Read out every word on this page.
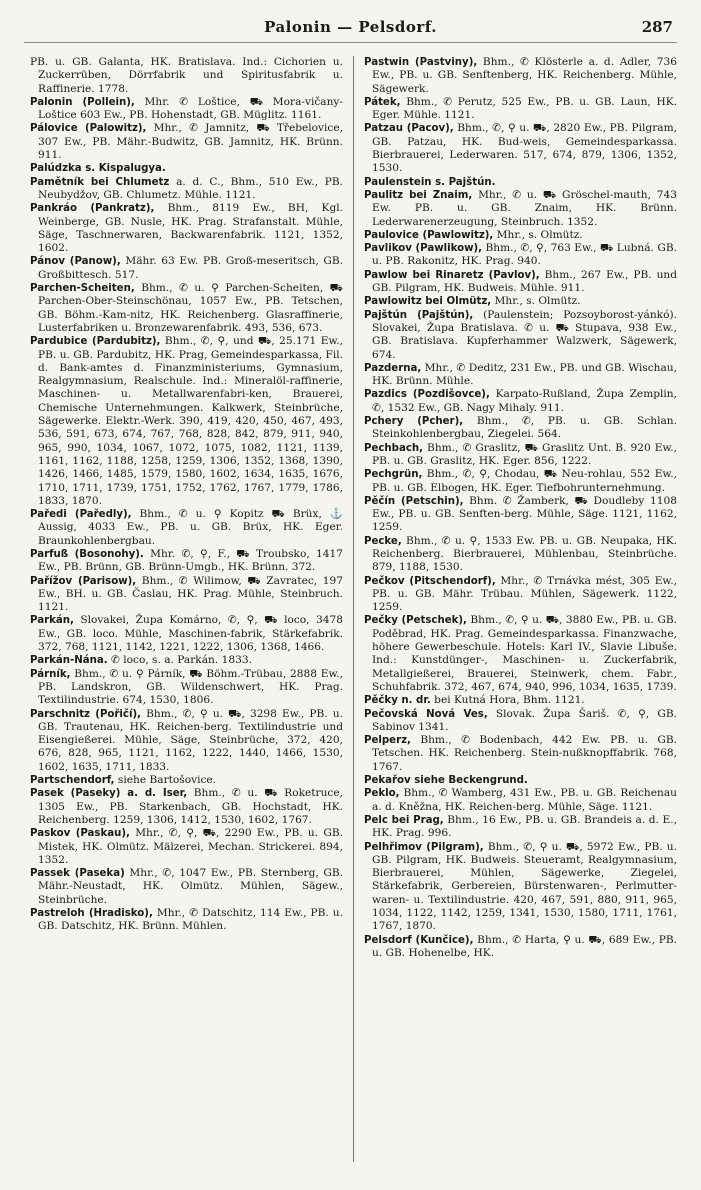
Palonin — Pelsdorf.	287

PB. u. GB. Galanta, HK. Bratislava. Ind.: Cichorien u. Zuckerrüben, Dörrfabrik und Spiritusfabrik u. Raffinerie. 1778.

Palonin (Pollein), Mhr. ✆ Loštice, ⛟ Mora-vičany-Loštice 603 Ew., PB. Hohenstadt, GB. Müglitz. 1161.

Pálovice (Palowitz), Mhr., ✆ Jamnitz, ⛟ Třebelovice, 307 Ew., PB. Mähr.-Budwitz, GB. Jamnitz, HK. Brünn. 911.

Palúdzka s. Kispalugya.

Pamětník bei Chlumetz a. d. C., Bhm., 510 Ew., PB. Neubydžov, GB. Chlumetz. Mühle. 1121.

Pankráo (Pankratz), Bhm., 8119 Ew., BH, Kgl. Weinberge, GB. Nusle, HK. Prag. Strafanstalt. Mühle, Säge, Taschnerwaren, Backwarenfabrik. 1121, 1352, 1602.

Pánov (Panow), Mähr. 63 Ew. PB. Groß-meseritsch, GB. Großbittesch. 517.

Parchen-Scheiten, Bhm., ✆ u. ⚲ Parchen-Scheiten, ⛟ Parchen-Ober-Steinschönau, 1057 Ew., PB. Tetschen, GB. Böhm.-Kam-nitz, HK. Reichenberg. Glasraffinerie, Lusterfabriken u. Bronzewarenfabrik. 493, 536, 673.

Pardubice (Pardubitz), Bhm., ✆, ⚲, und ⛟, 25.171 Ew., PB. u. GB. Pardubitz, HK. Prag, Gemeindesparkassa, Fil. d. Bank-amtes d. Finanzministeriums, Gymnasium, Realgymnasium, Realschule. Ind.: Mineralöl-raffinerie, Maschinen- u. Metallwarenfabri-ken, Brauerei, Chemische Unternehmungen. Kalkwerk, Steinbrüche, Sägewerke. Elektr.-Werk. 390, 419, 420, 450, 467, 493, 536, 591, 673, 674, 767, 768, 828, 842, 879, 911, 940, 965, 990, 1034, 1067, 1072, 1075, 1082, 1121, 1139, 1161, 1162, 1188, 1258, 1259, 1306, 1352, 1368, 1390, 1426, 1466, 1485, 1579, 1580, 1602, 1634, 1635, 1676, 1710, 1711, 1739, 1751, 1752, 1762, 1767, 1779, 1786, 1833, 1870.

Paředi (Paředly), Bhm., ✆ u. ⚲ Kopitz ⛟ Brüx, ⚓ Aussig, 4033 Ew., PB. u. GB. Brüx, HK. Eger. Braunkohlenbergbau.

Parfuß (Bosonohy). Mhr. ✆, ⚲, F., ⛟ Troubsko, 1417 Ew., PB. Brünn, GB. Brünn-Umgb., HK. Brünn. 372.

Pařížov (Parisow), Bhm., ✆ Wilimow, ⛟ Zavratec, 197 Ew., BH. u. GB. Časlau, HK. Prag. Mühle, Steinbruch. 1121.

Parkán, Slovakei, Župa Komárno, ✆, ⚲, ⛟ loco, 3478 Ew., GB. loco. Mühle, Maschinen-fabrik, Stärkefabrik. 372, 768, 1121, 1142, 1221, 1222, 1306, 1368, 1466.

Parkán-Nána. ✆ loco, s. a. Parkán. 1833.

Párník, Bhm., ✆ u. ⚲ Párník, ⛟ Böhm.-Trübau, 2888 Ew., PB. Landskron, GB. Wildenschwert, HK. Prag. Textilindustrie. 674, 1530, 1806.

Parschnitz (Pořičí), Bhm., ✆, ⚲ u. ⛟, 3298 Ew., PB. u. GB. Trautenau, HK. Reichen-berg. Textilindustrie und Eisengießerei. Mühle, Säge, Steinbrüche, 372, 420, 676, 828, 965, 1121, 1162, 1222, 1440, 1466, 1530, 1602, 1635, 1711, 1833.

Partschendorf, siehe Bartošovice.

Pasek (Paseky) a. d. Iser, Bhm., ✆ u. ⛟ Roketruce, 1305 Ew., PB. Starkenbach, GB. Hochstadt, HK. Reichenberg. 1259, 1306, 1412, 1530, 1602, 1767.

Paskov (Paskau), Mhr., ✆, ⚲, ⛟, 2290 Ew., PB. u. GB. Mistek, HK. Olmütz. Mälzerei, Mechan. Strickerei. 894, 1352.

Passek (Paseka) Mhr., ✆, 1047 Ew., PB. Sternberg, GB. Mähr.-Neustadt, HK. Olmütz. Mühlen, Sägew., Steinbrüche.

Pastreloh (Hradisko), Mhr., ✆ Datschitz, 114 Ew., PB. u. GB. Datschitz, HK. Brünn. Mühlen.

Pastwin (Pastviny), Bhm., ✆ Klösterle a. d. Adler, 736 Ew., PB. u. GB. Senftenberg, HK. Reichenberg. Mühle, Sägewerk.

Pátek, Bhm., ✆ Perutz, 525 Ew., PB. u. GB. Laun, HK. Eger. Mühle. 1121.

Patzau (Pacov), Bhm., ✆, ⚲ u. ⛟, 2820 Ew., PB. Pilgram, GB. Patzau, HK. Bud-weis, Gemeindesparkassa. Bierbrauerei, Lederwaren. 517, 674, 879, 1306, 1352, 1530.

Paulenstein s. Pajštún.

Paulitz bei Znaim, Mhr., ✆ u. ⛟ Gröschel-mauth, 743 Ew. PB. u. GB. Znaim, HK. Brünn. Lederwarenerzeugung, Steinbruch. 1352.

Paulovice (Pawlowitz), Mhr., s. Olmütz.

Pavlikov (Pawlikow), Bhm., ✆, ⚲, 763 Ew., ⛟ Lubná. GB. u. PB. Rakonitz, HK. Prag. 940.

Pawlow bei Rinaretz (Pavlov), Bhm., 267 Ew., PB. und GB. Pilgram, HK. Budweis. Mühle. 911.

Pawlowitz bei Olmütz, Mhr., s. Olmütz.

Pajštún (Pajštún), (Paulenstein; Pozsoyborost-yánkó). Slovakei, Župa Bratislava. ✆ u. ⛟ Stupava, 938 Ew., GB. Bratislava. Kupferhammer Walzwerk, Sägewerk, 674.

Pazderna, Mhr., ✆ Deditz, 231 Ew., PB. und GB. Wischau, HK. Brünn. Mühle.

Pazdics (Pozdišovce), Karpato-Rußland, Župa Zemplin, ✆, 1532 Ew., GB. Nagy Mihaly. 911.

Pchery (Pcher), Bhm., ✆, PB. u. GB. Schlan. Steinkohlenbergbau, Ziegelei. 564.

Pechbach, Bhm., ✆ Graslitz, ⛟ Graslitz Unt. B. 920 Ew., PB. u. GB. Graslitz, HK. Eger. 856, 1222.

Pechgrün, Bhm., ✆, ⚲, Chodau, ⛟ Neu-rohlau, 552 Ew., PB. u. GB. Elbogen, HK. Eger. Tiefbohrunternehmung.

Pěčín (Petschin), Bhm. ✆ Žamberk, ⛟ Doudleby 1108 Ew., PB. u. GB. Senften-berg. Mühle, Säge. 1121, 1162, 1259.

Pecke, Bhm., ✆ u. ⚲, 1533 Ew. PB. u. GB. Neupaka, HK. Reichenberg. Bierbrauerei, Mühlenbau, Steinbrüche. 879, 1188, 1530.

Pečkov (Pitschendorf), Mhr., ✆ Trnávka mést, 305 Ew., PB. u. GB. Mähr. Trübau. Mühlen, Sägewerk. 1122, 1259.

Pečky (Petschek), Bhm., ✆, ⚲ u. ⛟, 3880 Ew., PB. u. GB. Poděbrad, HK. Prag. Gemeindesparkassa. Finanzwache, höhere Gewerbeschule. Hotels: Karl IV., Slavie Libuše. Ind.: Kunstdünger-, Maschinen- u. Zuckerfabrik, Metallgießerei, Brauerei, Steinwerk, chem. Fabr., Schuhfabrik. 372, 467, 674, 940, 996, 1034, 1635, 1739.

Pěčky n. dr. bei Kutná Hora, Bhm. 1121.

Pečovská Nová Ves, Slovak. Župa Šariš. ✆, ⚲, GB. Sabinov 1341.

Pelperz, Bhm., ✆ Bodenbach, 442 Ew. PB. u. GB. Tetschen. HK. Reichenberg. Stein-nußknopffabrik. 768, 1767.

Pekařov siehe Beckengrund.

Peklo, Bhm., ✆ Wamberg, 431 Ew., PB. u. GB. Reichenau a. d. Kněžna, HK. Reichen-berg. Mühle, Säge. 1121.

Pelc bei Prag, Bhm., 16 Ew., PB. u. GB. Brandeis a. d. E., HK. Prag. 996.

Pelhřimov (Pilgram), Bhm., ✆, ⚲ u. ⛟, 5972 Ew., PB. u. GB. Pilgram, HK. Budweis. Steueramt, Realgymnasium, Bierbrauerei, Mühlen, Sägewerke, Ziegelei, Stärkefabrik, Gerbereien, Bürstenwaren-, Perlmutter-waren- u. Textilindustrie. 420, 467, 591, 880, 911, 965, 1034, 1122, 1142, 1259, 1341, 1530, 1580, 1711, 1761, 1767, 1870.

Pelsdorf (Kunčice), Bhm., ✆ Harta, ⚲ u. ⛟, 689 Ew., PB. u. GB. Hohenelbe, HK.
